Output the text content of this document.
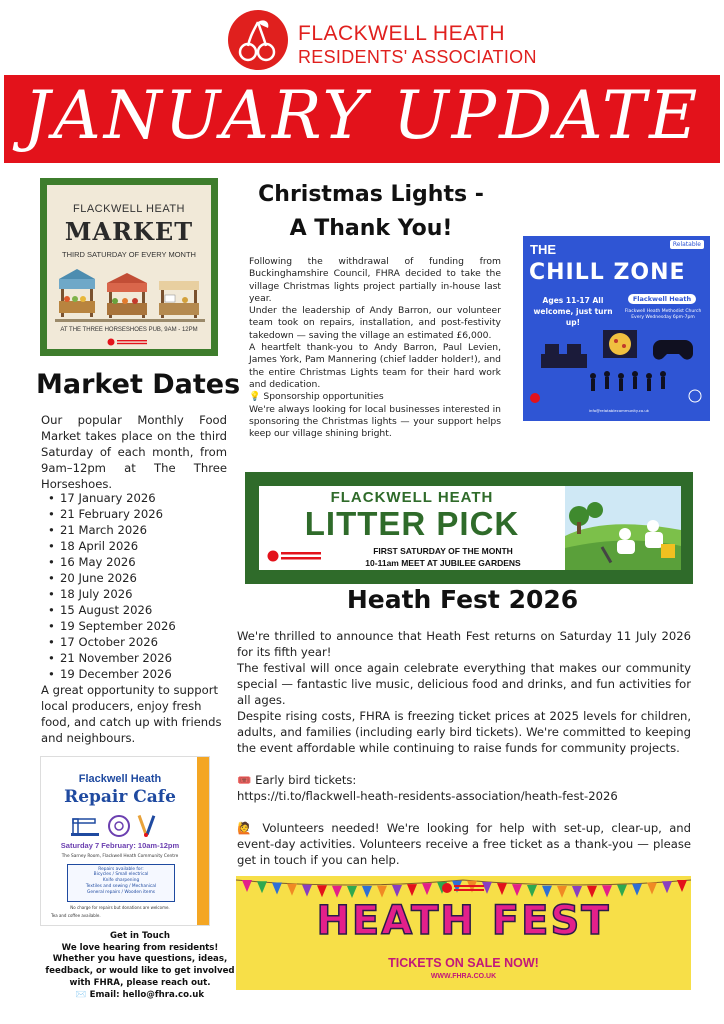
FLACKWELL HEATH
RESIDENTS' ASSOCIATION
JANUARY UPDATE
FLACKWELL HEATH
MARKET
THIRD SATURDAY OF EVERY MONTH
AT THE THREE HORSESHOES PUB, 9AM - 12PM
Market Dates
Our popular Monthly Food Market takes place on the third Saturday of each month, from 9am–12pm at The Three Horseshoes.
• 17 January 2026
• 21 February 2026
• 21 March 2026
• 18 April 2026
• 16 May 2026
• 20 June 2026
• 18 July 2026
• 15 August 2026
• 19 September 2026
• 17 October 2026
• 21 November 2026
• 19 December 2026
A great opportunity to support local producers, enjoy fresh food, and catch up with friends and neighbours.
Flackwell Heath
Repair Cafe
Saturday 7 February: 10am-12pm
The Sarney Room, Flackwell Heath Community Centre
Repairs available for:
Bicycles / Small electrical
Knife sharpening
Textiles and sewing / Mechanical
General repairs / Wooden items
No charge for repairs but donations are welcome.
Tea and coffee available.
Get in Touch
We love hearing from residents! Whether you have questions, ideas, feedback, or would like to get involved with FHRA, please reach out.
✉️ Email: hello@fhra.co.uk
Christmas Lights - A Thank You!

Following the withdrawal of funding from Buckinghamshire Council, FHRA decided to take the village Christmas lights project partially in-house last year.

Under the leadership of Andy Barron, our volunteer team took on repairs, installation, and post-festivity takedown — saving the village an estimated £6,000.

A heartfelt thank-you to Andy Barron, Paul Levien, James York, Pam Mannering (chief ladder holder!), and the entire Christmas Lights team for their hard work and dedication.

💡 Sponsorship opportunities

We're always looking for local businesses interested in sponsoring the Christmas lights — your support helps keep our village shining bright.

THE	Relatable
CHILL ZONE
Ages 11-17 All welcome, just turn up!
Flackwell Heath
Flackwell Heath Methodist Church Every Wednesday 6pm-7pm
info@relatablecommunity.co.uk
FLACKWELL HEATH
LITTER PICK
FIRST SATURDAY OF THE MONTH
10-11am MEET AT JUBILEE GARDENS
Heath Fest 2026

We're thrilled to announce that Heath Fest returns on Saturday 11 July 2026 for its fifth year!

The festival will once again celebrate everything that makes our community special — fantastic live music, delicious food and drinks, and fun activities for all ages.

Despite rising costs, FHRA is freezing ticket prices at 2025 levels for children, adults, and families (including early bird tickets). We're committed to keeping the event affordable while continuing to raise funds for community projects.

🎟️ Early bird tickets:

https://ti.to/flackwell-heath-residents-association/heath-fest-2026

🙋 Volunteers needed! We're looking for help with set-up, clear-up, and event-day activities. Volunteers receive a free ticket as a thank-you — please get in touch if you can help.

HEATH FEST
TICKETS ON SALE NOW!
WWW.FHRA.CO.UK
